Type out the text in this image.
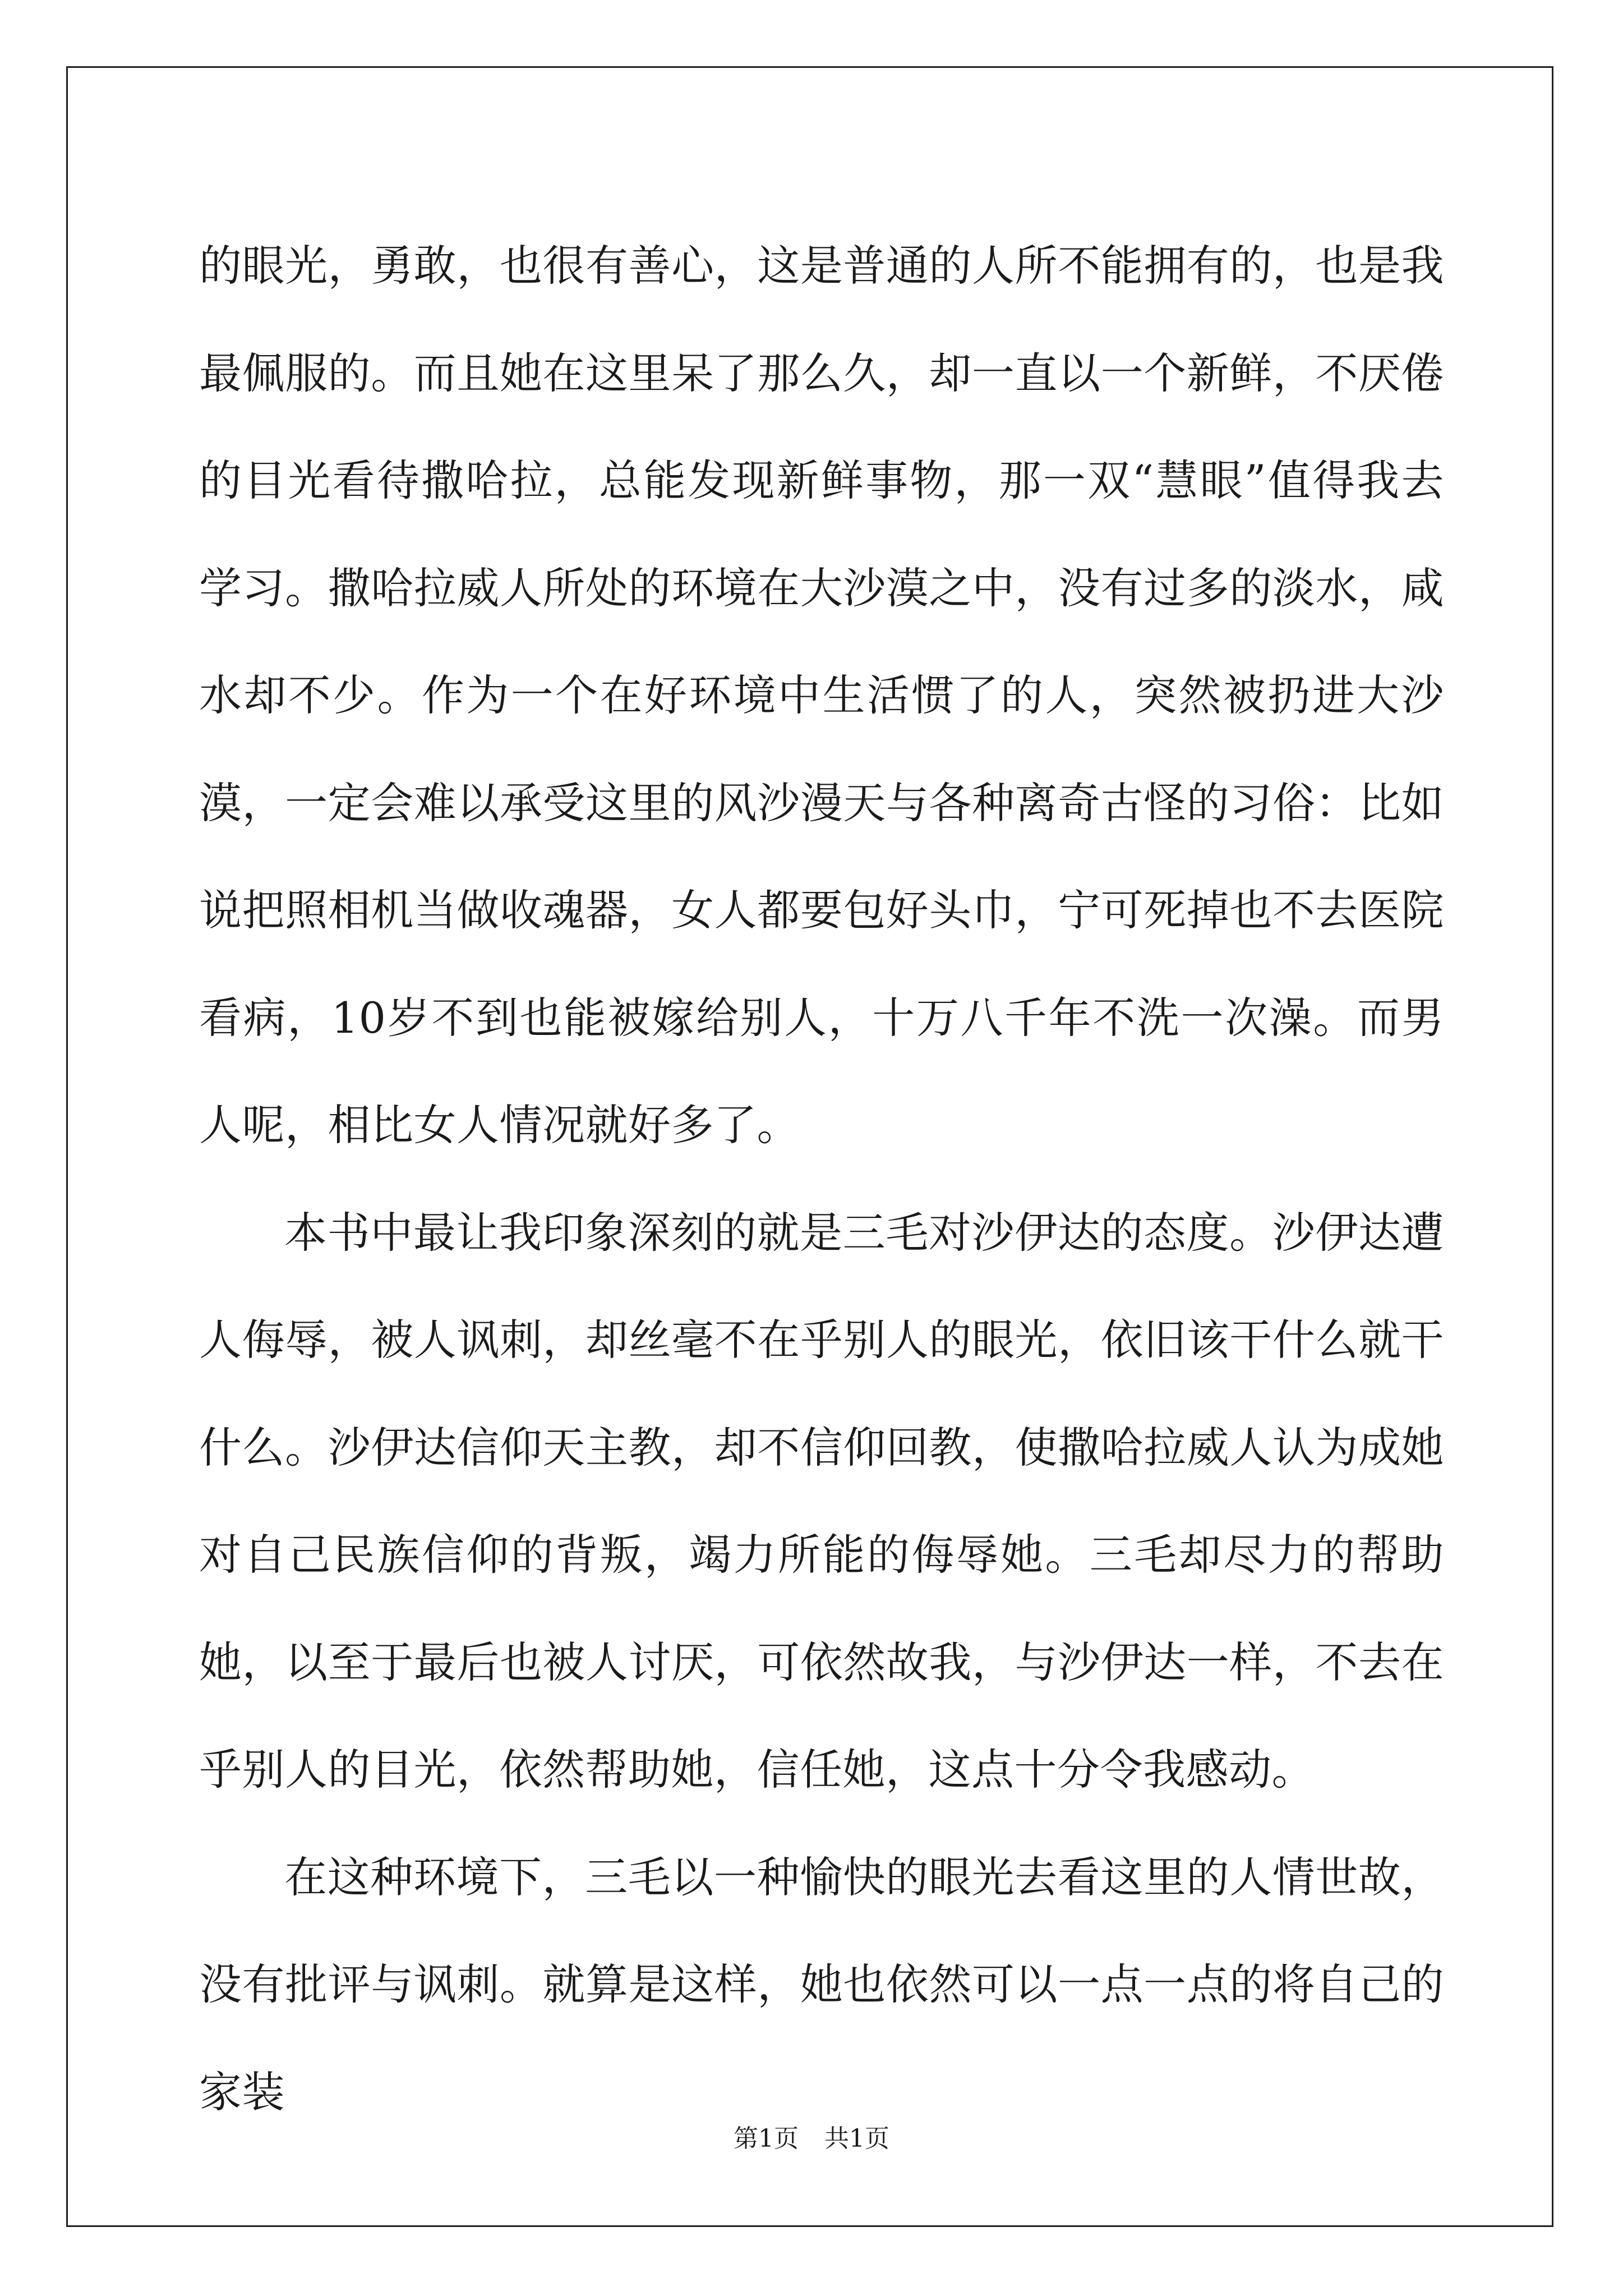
的眼光，勇敢，也很有善心，这是普通的人所不能拥有的，也是我最佩服的。而且她在这里呆了那么久，却一直以一个新鲜，不厌倦的目光看待撒哈拉，总能发现新鲜事物，那一双“慧眼”值得我去学习。撒哈拉威人所处的环境在大沙漠之中，没有过多的淡水，咸水却不少。作为一个在好环境中生活惯了的人，突然被扔进大沙漠，一定会难以承受这里的风沙漫天与各种离奇古怪的习俗：比如说把照相机当做收魂器，女人都要包好头巾，宁可死掉也不去医院看病，10岁不到也能被嫁给别人，十万八千年不洗一次澡。而男人呢，相比女人情况就好多了。

本书中最让我印象深刻的就是三毛对沙伊达的态度。沙伊达遭人侮辱，被人讽刺，却丝毫不在乎别人的眼光，依旧该干什么就干什么。沙伊达信仰天主教，却不信仰回教，使撒哈拉威人认为成她对自己民族信仰的背叛，竭力所能的侮辱她。三毛却尽力的帮助她，以至于最后也被人讨厌，可依然故我，与沙伊达一样，不去在乎别人的目光，依然帮助她，信任她，这点十分令我感动。

在这种环境下，三毛以一种愉快的眼光去看这里的人情世故，没有批评与讽刺。就算是这样，她也依然可以一点一点的将自己的家装

第1页 共1页
